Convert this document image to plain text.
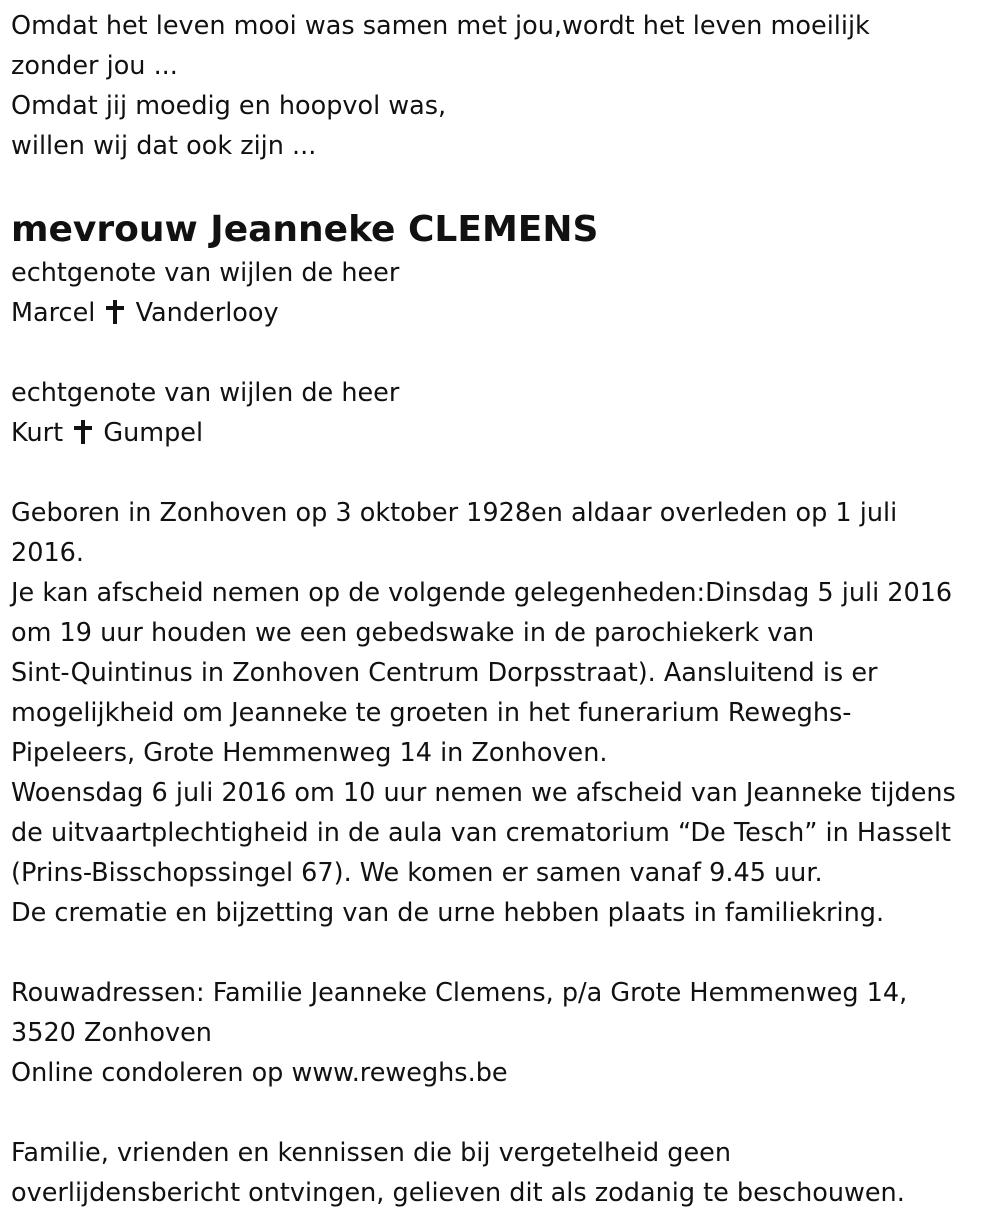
Omdat het leven mooi was samen met jou,wordt het leven moeilijk
zonder jou ...
Omdat jij moedig en hoopvol was,
willen wij dat ook zijn ...
mevrouw Jeanneke CLEMENS
echtgenote van wijlen de heer
Marcel Vanderlooy
echtgenote van wijlen de heer
Kurt Gumpel
Geboren in Zonhoven op 3 oktober 1928en aldaar overleden op 1 juli
2016.
Je kan afscheid nemen op de volgende gelegenheden:Dinsdag 5 juli 2016
om 19 uur houden we een gebedswake in de parochiekerk van
Sint-Quintinus in Zonhoven Centrum Dorpsstraat). Aansluitend is er
mogelijkheid om Jeanneke te groeten in het funerarium Reweghs-
Pipeleers, Grote Hemmenweg 14 in Zonhoven.
Woensdag 6 juli 2016 om 10 uur nemen we afscheid van Jeanneke tijdens
de uitvaartplechtigheid in de aula van crematorium “De Tesch” in Hasselt
(Prins-Bisschopssingel 67). We komen er samen vanaf 9.45 uur.
De crematie en bijzetting van de urne hebben plaats in familiekring.
Rouwadressen: Familie Jeanneke Clemens, p/a Grote Hemmenweg 14,
3520 Zonhoven
Online condoleren op www.reweghs.be
Familie, vrienden en kennissen die bij vergetelheid geen
overlijdensbericht ontvingen, gelieven dit als zodanig te beschouwen.
